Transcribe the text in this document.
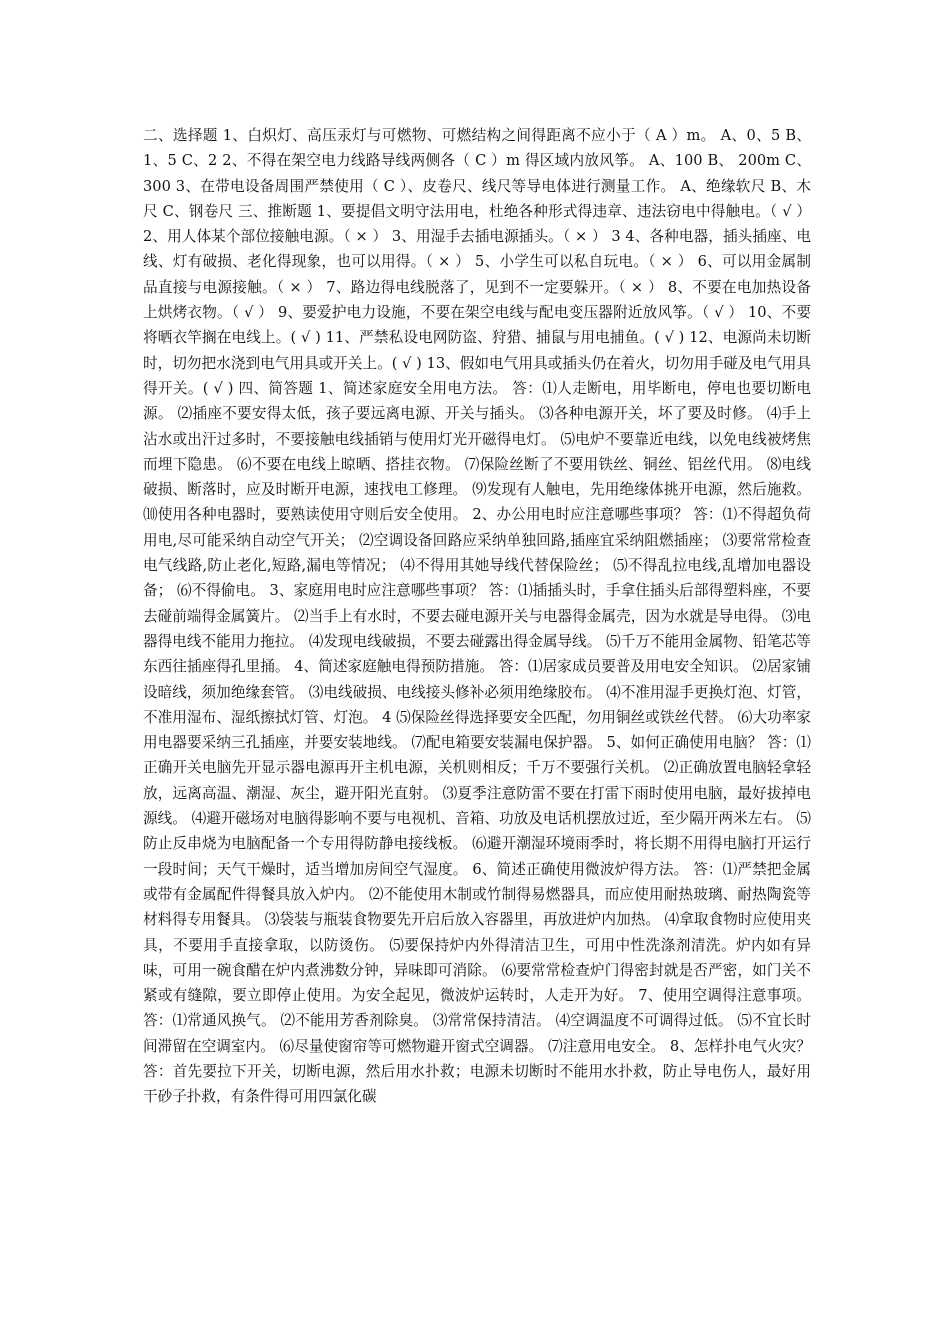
二、选择题 1、白炽灯、高压汞灯与可燃物、可燃结构之间得距离不应小于（ A ）m。 A、0、5 B、1、5 C、2 2、不得在架空电力线路导线两侧各（ C ）m 得区域内放风筝。 A、100 B、 200m C、 300 3、在带电设备周围严禁使用（ C ）、皮卷尺、线尺等导电体进行测量工作。 A、绝缘软尺 B、木尺 C、钢卷尺 三、推断题 1、要提倡文明守法用电，杜绝各种形式得违章、违法窃电中得触电。（ √ ） 2、用人体某个部位接触电源。（ × ） 3、用湿手去插电源插头。（ × ） 3 4、各种电器，插头插座、电线、灯有破损、老化得现象，也可以用得。（ × ） 5、小学生可以私自玩电。（ × ） 6、可以用金属制品直接与电源接触。（ × ） 7、路边得电线脱落了，见到不一定要躲开。（ × ） 8、不要在电加热设备上烘烤衣物。（ √ ） 9、要爱护电力设施，不要在架空电线与配电变压器附近放风筝。（ √ ） 10、不要将晒衣竿搁在电线上。( √ ) 11、严禁私设电网防盗、狩猎、捕鼠与用电捕鱼。( √ ) 12、电源尚未切断时，切勿把水浇到电气用具或开关上。( √ ) 13、假如电气用具或插头仍在着火，切勿用手碰及电气用具得开关。( √ ) 四、简答题 1、简述家庭安全用电方法。 答：⑴人走断电，用毕断电，停电也要切断电源。 ⑵插座不要安得太低，孩子要远离电源、开关与插头。 ⑶各种电源开关，坏了要及时修。 ⑷手上沾水或出汗过多时，不要接触电线插销与使用灯光开磁得电灯。 ⑸电炉不要靠近电线，以免电线被烤焦而埋下隐患。 ⑹不要在电线上晾晒、搭挂衣物。 ⑺保险丝断了不要用铁丝、铜丝、铝丝代用。 ⑻电线破损、断落时，应及时断开电源，速找电工修理。 ⑼发现有人触电，先用绝缘体挑开电源，然后施救。 ⑽使用各种电器时，要熟读使用守则后安全使用。 2、办公用电时应注意哪些事项？ 答：⑴不得超负荷用电,尽可能采纳自动空气开关； ⑵空调设备回路应采纳单独回路,插座宜采纳阻燃插座； ⑶要常常检查电气线路,防止老化,短路,漏电等情况； ⑷不得用其她导线代替保险丝； ⑸不得乱拉电线,乱增加电器设备； ⑹不得偷电。 3、家庭用电时应注意哪些事项？ 答：⑴插插头时，手拿住插头后部得塑料座，不要去碰前端得金属簧片。 ⑵当手上有水时，不要去碰电源开关与电器得金属壳，因为水就是导电得。 ⑶电器得电线不能用力拖拉。 ⑷发现电线破损，不要去碰露出得金属导线。 ⑸千万不能用金属物、铅笔芯等东西往插座得孔里捅。 4、简述家庭触电得预防措施。 答：⑴居家成员要普及用电安全知识。 ⑵居家铺设暗线，须加绝缘套管。 ⑶电线破损、电线接头修补必须用绝缘胶布。 ⑷不准用湿手更换灯泡、灯管，不准用湿布、湿纸擦拭灯管、灯泡。 4 ⑸保险丝得选择要安全匹配，勿用铜丝或铁丝代替。 ⑹大功率家用电器要采纳三孔插座，并要安装地线。 ⑺配电箱要安装漏电保护器。 5、如何正确使用电脑？ 答：⑴正确开关电脑先开显示器电源再开主机电源，关机则相反；千万不要强行关机。 ⑵正确放置电脑轻拿轻放，远离高温、潮湿、灰尘，避开阳光直射。 ⑶夏季注意防雷不要在打雷下雨时使用电脑，最好拔掉电源线。 ⑷避开磁场对电脑得影响不要与电视机、音箱、功放及电话机摆放过近，至少隔开两米左右。 ⑸防止反串烧为电脑配备一个专用得防静电接线板。 ⑹避开潮湿环境雨季时，将长期不用得电脑打开运行一段时间；天气干燥时，适当增加房间空气湿度。 6、简述正确使用微波炉得方法。 答：⑴严禁把金属或带有金属配件得餐具放入炉内。 ⑵不能使用木制或竹制得易燃器具，而应使用耐热玻璃、耐热陶瓷等材料得专用餐具。 ⑶袋装与瓶装食物要先开启后放入容器里，再放进炉内加热。 ⑷拿取食物时应使用夹具，不要用手直接拿取，以防烫伤。 ⑸要保持炉内外得清洁卫生，可用中性洗涤剂清洗。炉内如有异味，可用一碗食醋在炉内煮沸数分钟，异味即可消除。 ⑹要常常检查炉门得密封就是否严密，如门关不紧或有缝隙，要立即停止使用。为安全起见，微波炉运转时，人走开为好。 7、使用空调得注意事项。 答：⑴常通风换气。 ⑵不能用芳香剂除臭。 ⑶常常保持清洁。 ⑷空调温度不可调得过低。 ⑸不宜长时间滞留在空调室内。 ⑹尽量使窗帘等可燃物避开窗式空调器。 ⑺注意用电安全。 8、怎样扑电气火灾？ 答：首先要拉下开关，切断电源，然后用水扑救；电源未切断时不能用水扑救，防止导电伤人，最好用干砂子扑救，有条件得可用四氯化碳
